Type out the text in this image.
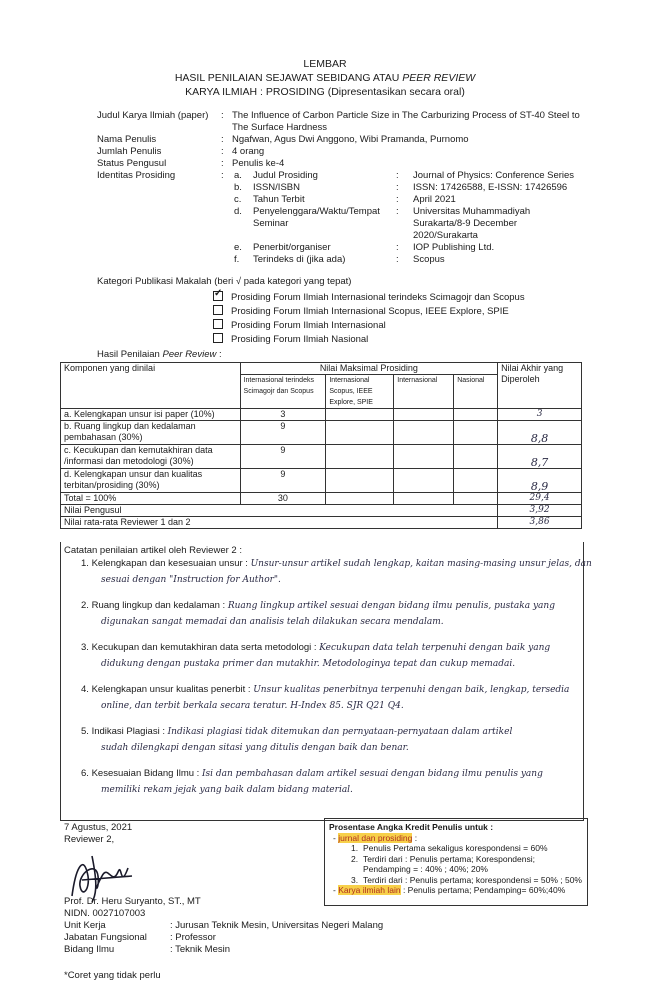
LEMBAR
HASIL PENILAIAN SEJAWAT SEBIDANG ATAU PEER REVIEW
KARYA ILMIAH : PROSIDING (Dipresentasikan secara oral)
Judul Karya Ilmiah (paper) : The Influence of Carbon Particle Size in The Carburizing Process of ST-40 Steel to The Surface Hardness
Nama Penulis	: Ngafwan, Agus Dwi Anggono, Wibi Pramanda, Purnomo
Jumlah Penulis	: 4 orang
Status Pengusul	: Penulis ke-4
Identitas Prosiding	: a. Judul Prosiding	: Journal of Physics: Conference Series
b. ISSN/ISBN	: ISSN: 17426588, E-ISSN: 17426596
c. Tahun Terbit	: April 2021
d. Penyelenggara/Waktu/Tempat Seminar
: Universitas Muhammadiyah Surakarta/8-9 December 2020/Surakarta
e. Penerbit/organiser	: IOP Publishing Ltd.
f. Terindeks di (jika ada)	: Scopus
Kategori Publikasi Makalah (beri √ pada kategori yang tepat)
✓Prosiding Forum Ilmiah Internasional terindeks Scimagojr dan Scopus
Prosiding Forum Ilmiah Internasional Scopus, IEEE Explore, SPIE
Prosiding Forum Ilmiah Internasional
Prosiding Forum Ilmiah Nasional
Hasil Penilaian Peer Review :
Komponen yang dinilai	Nilai Maksimal Prosiding				Nilai Akhir yang Diperoleh
	Internasional terindeks Scimagojr dan Scopus	Internasional Scopus, IEEE Explore, SPIE	Internasional	Nasional	
a. Kelengkapan unsur isi paper (10%)	3				3
b. Ruang lingkup dan kedalaman pembahasan (30%)	9				8,8
c. Kecukupan dan kemutakhiran data /informasi dan metodologi (30%)	9				8,7
d. Kelengkapan unsur dan kualitas terbitan/prosiding (30%)	9				8,9
Total = 100%	30				29,4
Nilai Pengusul					3,92
Nilai rata-rata Reviewer 1 dan 2					3,86
Catatan penilaian artikel oleh Reviewer 2 :
1. Kelengkapan dan kesesuaian unsur : Unsur-unsur artikel sudah lengkap, kaitan masing-masing unsur jelas, dan
sesuai dengan "Instruction for Author".
2. Ruang lingkup dan kedalaman : Ruang lingkup artikel sesuai dengan bidang ilmu penulis, pustaka yang
digunakan sangat memadai dan analisis telah dilakukan secara mendalam.
3. Kecukupan dan kemutakhiran data serta metodologi : Kecukupan data telah terpenuhi dengan baik yang
didukung dengan pustaka primer dan mutakhir. Metodologinya tepat dan cukup memadai.
4. Kelengkapan unsur kualitas penerbit : Unsur kualitas penerbitnya terpenuhi dengan baik, lengkap, tersedia
online, dan terbit berkala secara teratur. H-Index 85. SJR Q21 Q4.
5. Indikasi Plagiasi : Indikasi plagiasi tidak ditemukan dan pernyataan-pernyataan dalam artikel
sudah dilengkapi dengan sitasi yang ditulis dengan baik dan benar.
6. Kesesuaian Bidang Ilmu : Isi dan pembahasan dalam artikel sesuai dengan bidang ilmu penulis yang
memiliki rekam jejak yang baik dalam bidang material.
7 Agustus, 2021
Reviewer 2,
Prof. Dr. Heru Suryanto, ST., MT
NIDN. 0027107003
Unit Kerja	: Jurusan Teknik Mesin, Universitas Negeri Malang
Jabatan Fungsional : Professor
Bidang Ilmu	: Teknik Mesin
Prosentase Angka Kredit Penulis untuk :
- jurnal dan prosiding :
1. Penulis Pertama sekaligus korespondensi = 60%
2. Terdiri dari : Penulis pertama; Korespondensi; Pendamping = : 40% ; 40%; 20%
3. Terdiri dari : Penulis pertama; korespondensi = 50% ; 50%
- Karya ilmiah lain : Penulis pertama; Pendamping= 60%;40%
*Coret yang tidak perlu
